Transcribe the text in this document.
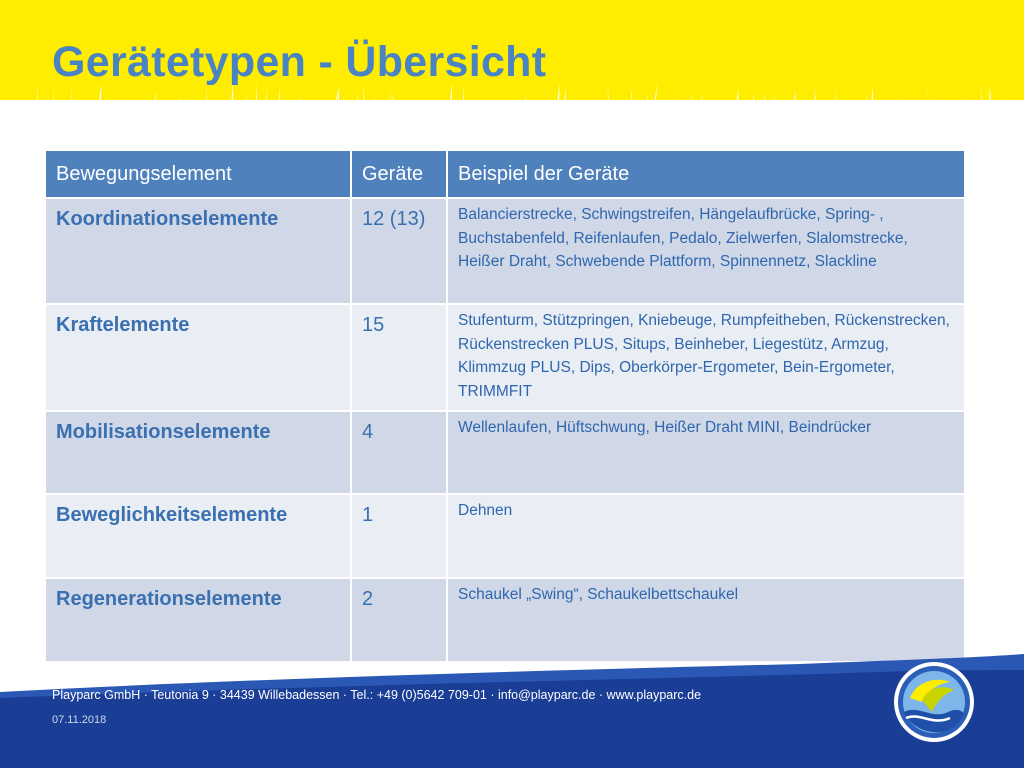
Gerätetypen - Übersicht
Bewegungselement	Geräte	Beispiel der Geräte
Koordinationselemente	12 (13)	Balancierstrecke, Schwingstreifen, Hängelaufbrücke, Spring- , Buchstabenfeld, Reifenlaufen, Pedalo, Zielwerfen, Slalomstrecke, Heißer Draht, Schwebende Plattform, Spinnennetz, Slackline
Kraftelemente	15	Stufenturm, Stützpringen, Kniebeuge, Rumpfeitheben, Rückenstrecken, Rückenstrecken PLUS, Situps, Beinheber, Liegestütz, Armzug, Klimmzug PLUS, Dips, Oberkörper-Ergometer, Bein-Ergometer, TRIMMFIT
Mobilisationselemente	4	Wellenlaufen, Hüftschwung, Heißer Draht MINI, Beindrücker
Beweglichkeitselemente	1	Dehnen
Regenerationselemente	2	Schaukel „Swing“, Schaukelbettschaukel
Playparc GmbH · Teutonia 9 · 34439 Willebadessen · Tel.: +49 (0)5642 709-01 · info@playparc.de · www.playparc.de
07.11.2018
